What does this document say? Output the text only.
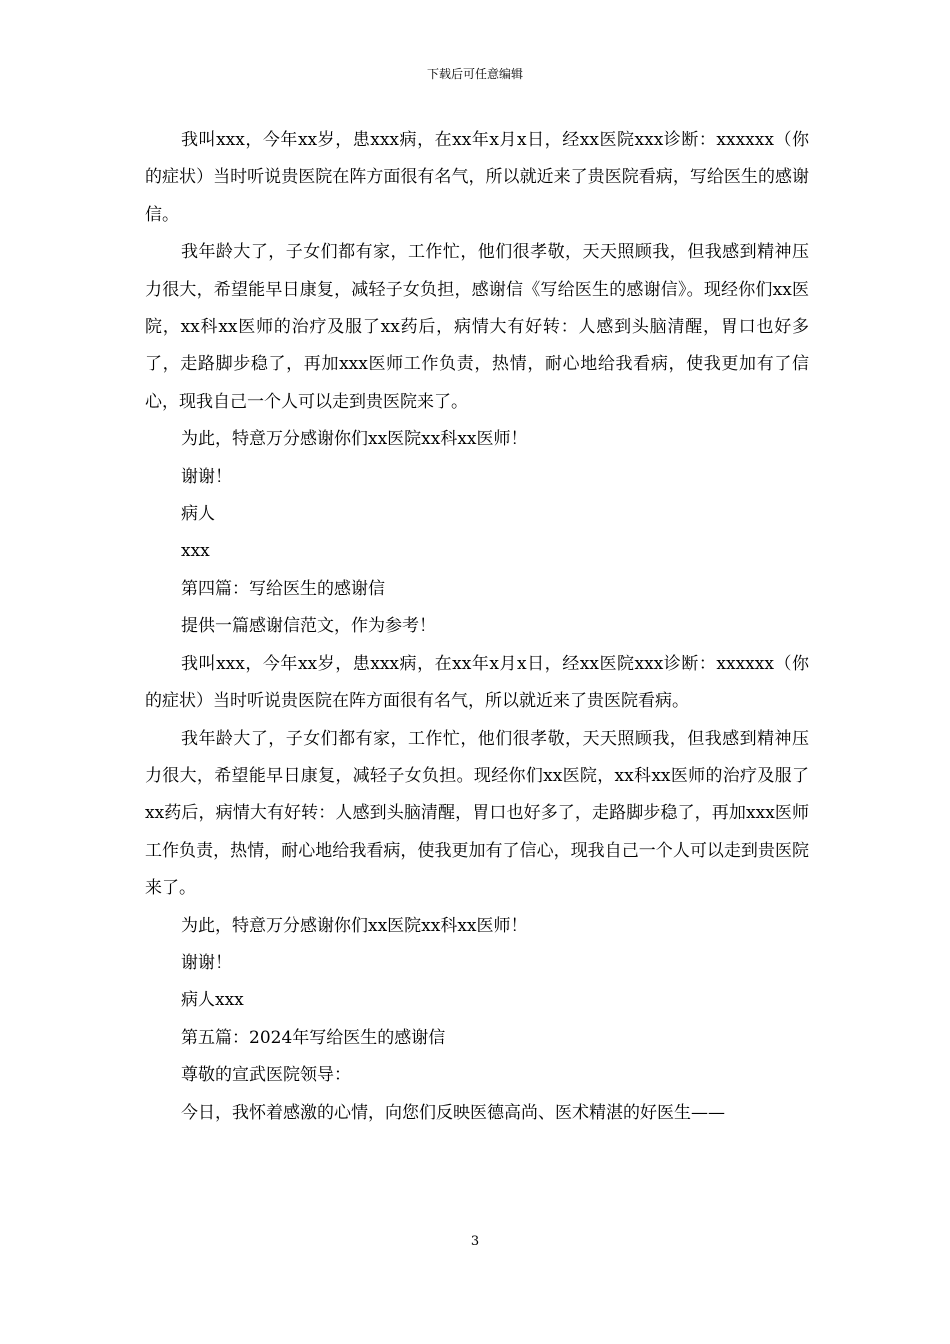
下载后可任意编辑

我叫xxx，今年xx岁，患xxx病，在xx年x月x日，经xx医院xxx诊断：xxxxxx（你的症状）当时听说贵医院在阵方面很有名气，所以就近来了贵医院看病，写给医生的感谢信。

我年龄大了，子女们都有家，工作忙，他们很孝敬，天天照顾我，但我感到精神压力很大，希望能早日康复，减轻子女负担，感谢信《写给医生的感谢信》。现经你们xx医院，xx科xx医师的治疗及服了xx药后，病情大有好转：人感到头脑清醒，胃口也好多了，走路脚步稳了，再加xxx医师工作负责，热情，耐心地给我看病，使我更加有了信心，现我自己一个人可以走到贵医院来了。

为此，特意万分感谢你们xx医院xx科xx医师！

谢谢！

病人

xxx

第四篇：写给医生的感谢信

提供一篇感谢信范文，作为参考！

我叫xxx，今年xx岁，患xxx病，在xx年x月x日，经xx医院xxx诊断：xxxxxx（你的症状）当时听说贵医院在阵方面很有名气，所以就近来了贵医院看病。

我年龄大了，子女们都有家，工作忙，他们很孝敬，天天照顾我，但我感到精神压力很大，希望能早日康复，减轻子女负担。现经你们xx医院，xx科xx医师的治疗及服了xx药后，病情大有好转：人感到头脑清醒，胃口也好多了，走路脚步稳了，再加xxx医师工作负责，热情，耐心地给我看病，使我更加有了信心，现我自己一个人可以走到贵医院来了。

为此，特意万分感谢你们xx医院xx科xx医师！

谢谢！

病人xxx

第五篇：2024年写给医生的感谢信

尊敬的宣武医院领导：

今日，我怀着感激的心情，向您们反映医德高尚、医术精湛的好医生——

3
